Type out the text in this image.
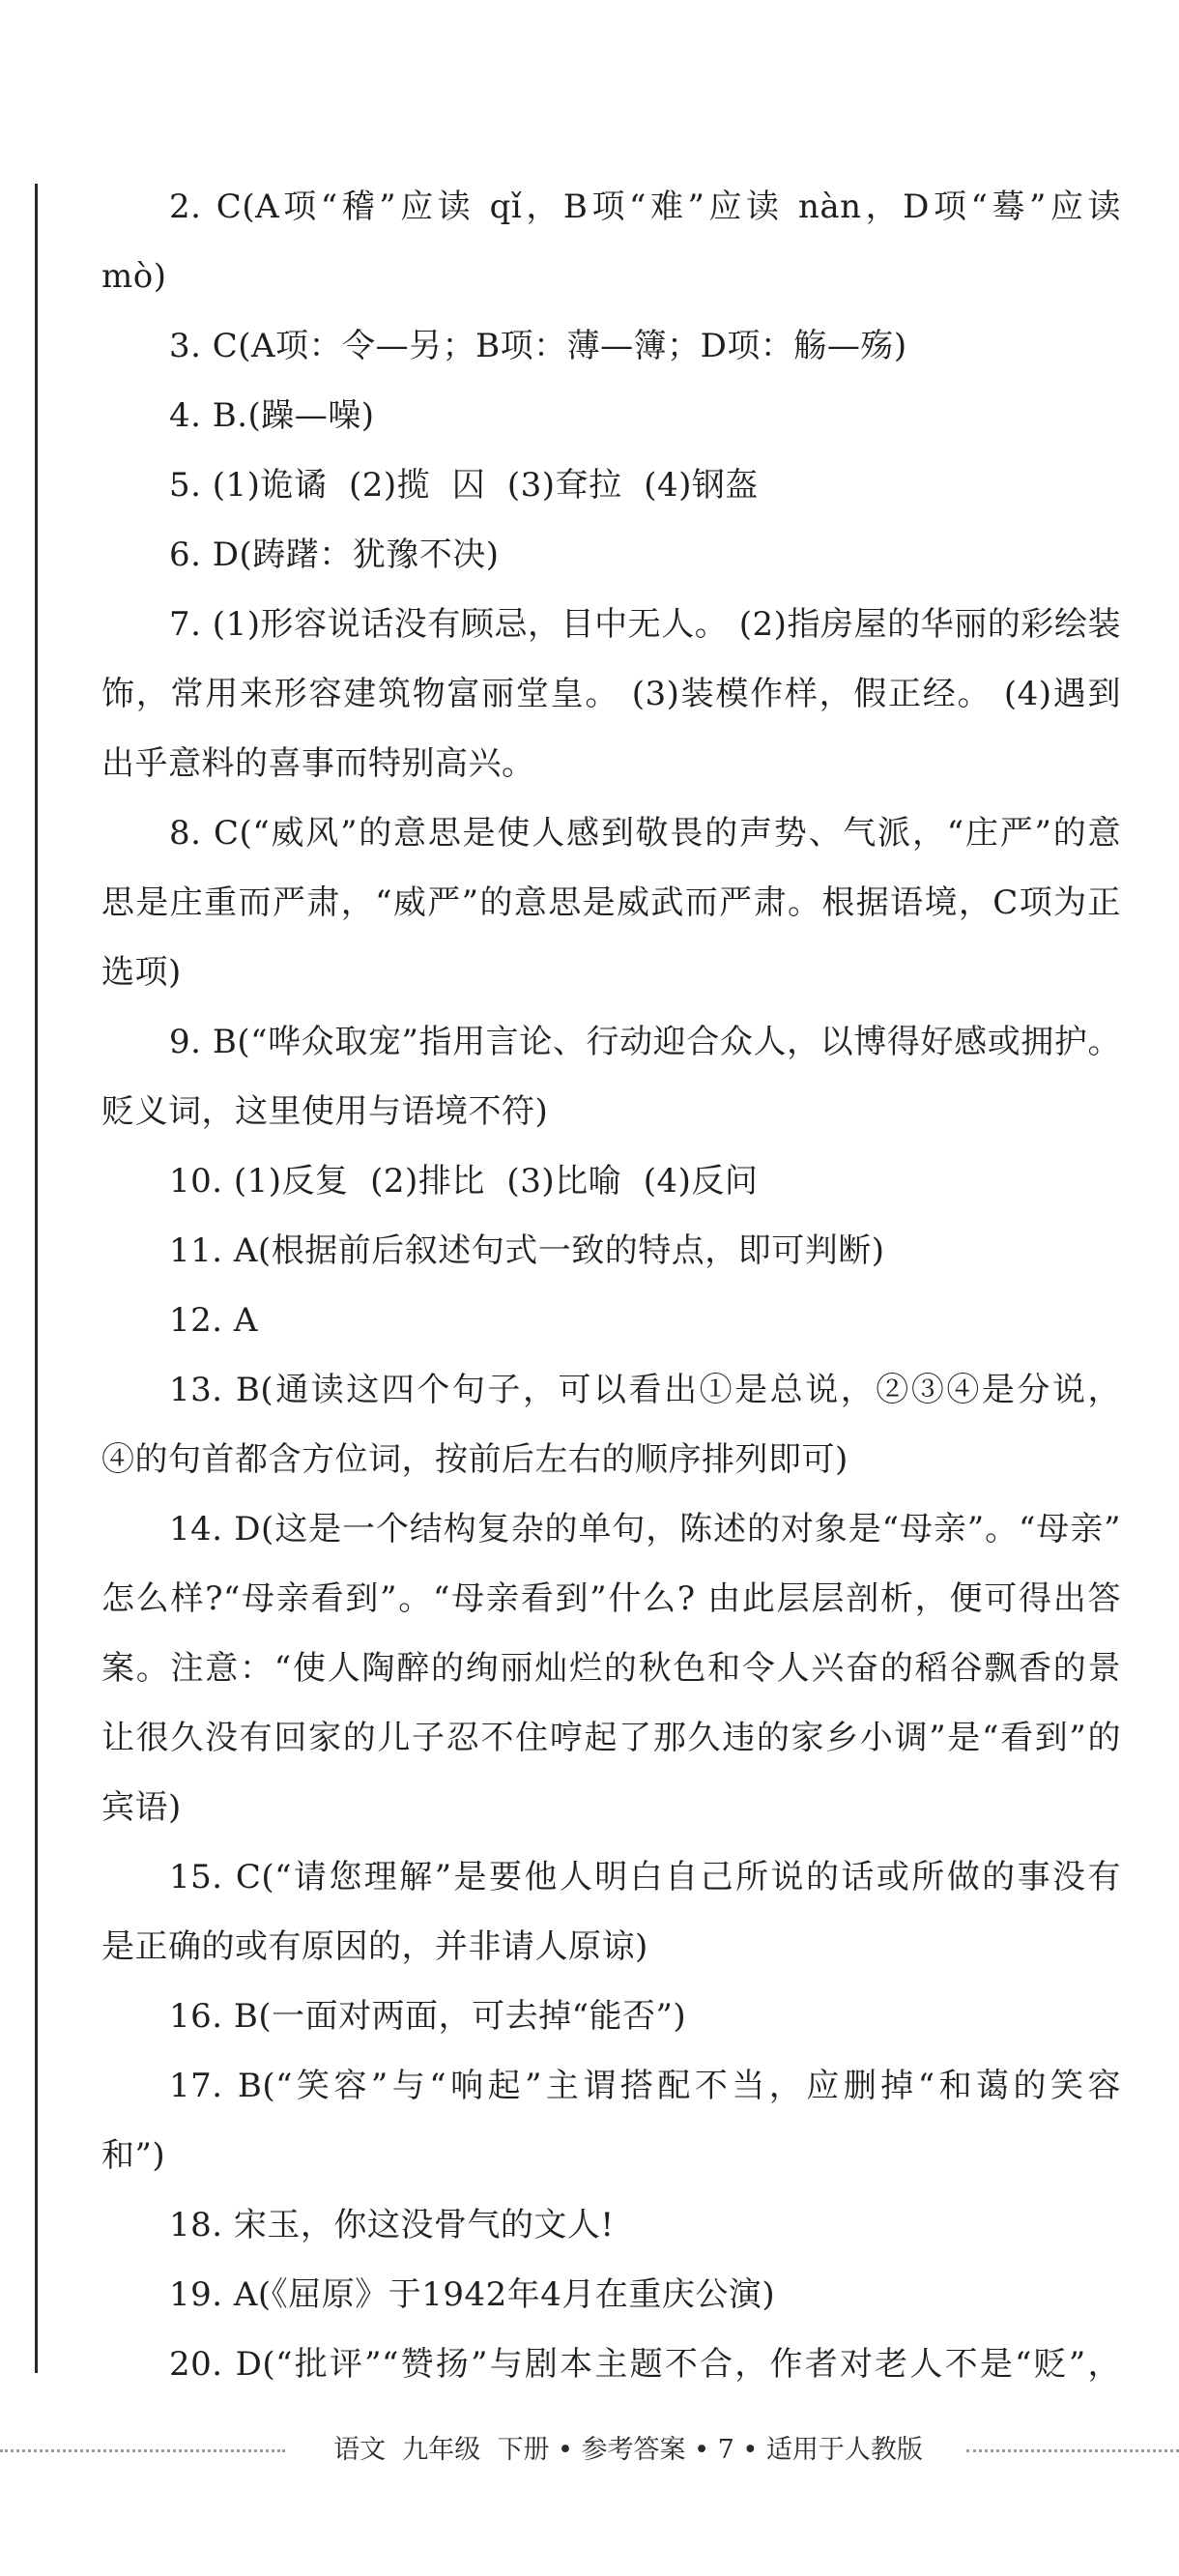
2. C(A项“稽”应读 qǐ，B项“难”应读 nàn，D项“蓦”应读
mò)
3. C(A项：令—另；B项：薄—簿；D项：觞—殇)
4. B.(躁—噪)
5. (1)诡谲  (2)揽  囚  (3)耷拉  (4)钢盔
6. D(踌躇：犹豫不决)
7. (1)形容说话没有顾忌，目中无人。 (2)指房屋的华丽的彩绘装
饰，常用来形容建筑物富丽堂皇。 (3)装模作样，假正经。 (4)遇到
出乎意料的喜事而特别高兴。
8. C(“威风”的意思是使人感到敬畏的声势、气派，“庄严”的意
思是庄重而严肃，“威严”的意思是威武而严肃。根据语境，C项为正
选项)
9. B(“哗众取宠”指用言论、行动迎合众人，以博得好感或拥护。
贬义词，这里使用与语境不符)
10. (1)反复  (2)排比  (3)比喻  (4)反问
11. A(根据前后叙述句式一致的特点，即可判断)
12. A
13. B(通读这四个句子，可以看出①是总说，②③④是分说，
④的句首都含方位词，按前后左右的顺序排列即可)
14. D(这是一个结构复杂的单句，陈述的对象是“母亲”。“母亲”
怎么样?“母亲看到”。“母亲看到”什么? 由此层层剖析，便可得出答
案。注意：“使人陶醉的绚丽灿烂的秋色和令人兴奋的稻谷飘香的景
让很久没有回家的儿子忍不住哼起了那久违的家乡小调”是“看到”的
宾语)
15. C(“请您理解”是要他人明白自己所说的话或所做的事没有
是正确的或有原因的，并非请人原谅)
16. B(一面对两面，可去掉“能否”)
17. B(“笑容”与“响起”主谓搭配不当，应删掉“和蔼的笑容
和”)
18. 宋玉，你这没骨气的文人!
19. A(《屈原》于1942年4月在重庆公演)
20. D(“批评”“赞扬”与剧本主题不合，作者对老人不是“贬”，
语文  九年级  下册 • 参考答案 • 7 • 适用于人教版
